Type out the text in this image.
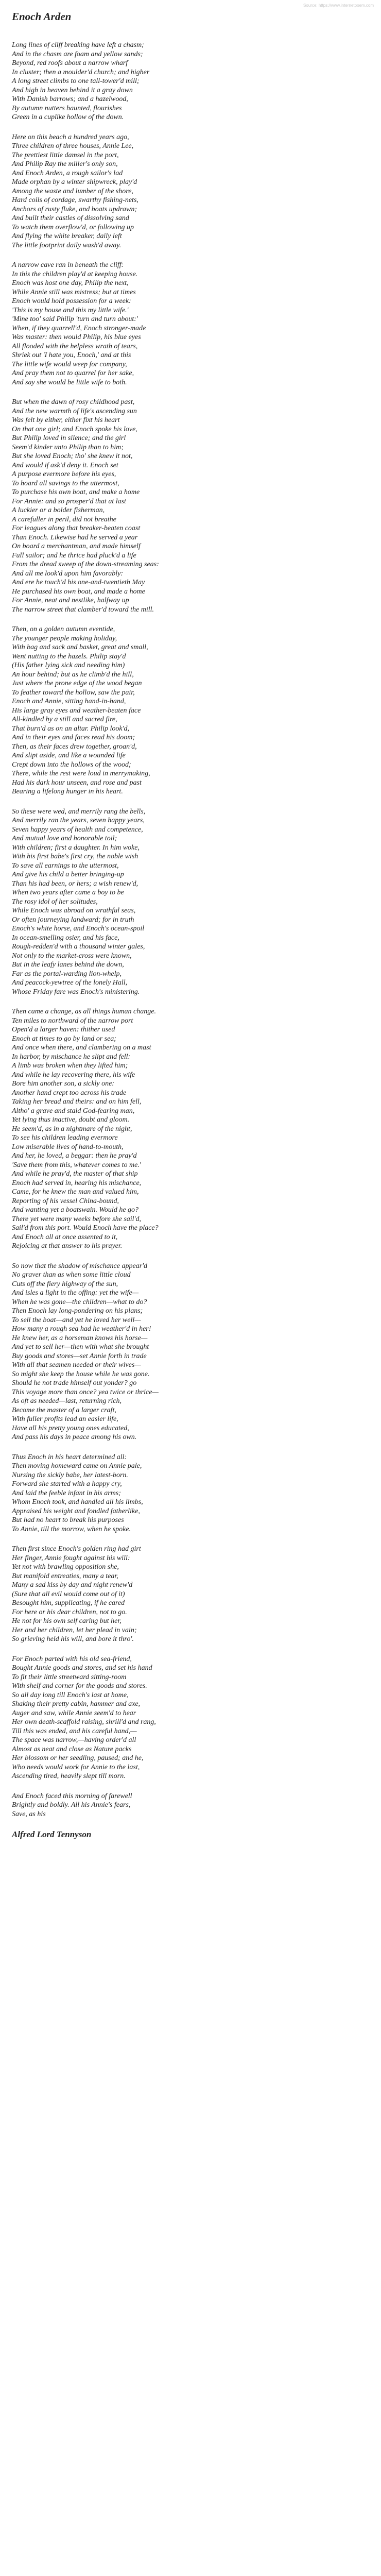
Source: https://www.internetpoem.com
Enoch Arden
Long lines of cliff breaking have left a chasm;
And in the chasm are foam and yellow sands;
Beyond, red roofs about a narrow wharf
In cluster; then a moulder'd church; and higher
A long street climbs to one tall-tower'd mill;
And high in heaven behind it a gray down
With Danish barrows; and a hazelwood,
By autumn nutters haunted, flourishes
Green in a cuplike hollow of the down.
Here on this beach a hundred years ago,
Three children of three houses, Annie Lee,
The prettiest little damsel in the port,
And Philip Ray the miller's only son,
And Enoch Arden, a rough sailor's lad
Made orphan by a winter shipwreck, play'd
Among the waste and lumber of the shore,
Hard coils of cordage, swarthy fishing-nets,
Anchors of rusty fluke, and boats updrawn;
And built their castles of dissolving sand
To watch them overflow'd, or following up
And flying the white breaker, daily left
The little footprint daily wash'd away.
A narrow cave ran in beneath the cliff:
In this the children play'd at keeping house.
Enoch was host one day, Philip the next,
While Annie still was mistress; but at times
Enoch would hold possession for a week:
'This is my house and this my little wife.'
'Mine too' said Philip 'turn and turn about:'
When, if they quarrell'd, Enoch stronger-made
Was master: then would Philip, his blue eyes
All flooded with the helpless wrath of tears,
Shriek out 'I hate you, Enoch,' and at this
The little wife would weep for company,
And pray them not to quarrel for her sake,
And say she would be little wife to both.
But when the dawn of rosy childhood past,
And the new warmth of life's ascending sun
Was felt by either, either fixt his heart
On that one girl; and Enoch spoke his love,
But Philip loved in silence; and the girl
Seem'd kinder unto Philip than to him;
But she loved Enoch; tho' she knew it not,
And would if ask'd deny it. Enoch set
A purpose evermore before his eyes,
To hoard all savings to the uttermost,
To purchase his own boat, and make a home
For Annie: and so prosper'd that at last
A luckier or a bolder fisherman,
A carefuller in peril, did not breathe
For leagues along that breaker-beaten coast
Than Enoch. Likewise had he served a year
On board a merchantman, and made himself
Full sailor; and he thrice had pluck'd a life
From the dread sweep of the down-streaming seas:
And all me look'd upon him favorably:
And ere he touch'd his one-and-twentieth May
He purchased his own boat, and made a home
For Annie, neat and nestlike, halfway up
The narrow street that clamber'd toward the mill.
Then, on a golden autumn eventide,
The younger people making holiday,
With bag and sack and basket, great and small,
Went nutting to the hazels. Philip stay'd
(His father lying sick and needing him)
An hour behind; but as he climb'd the hill,
Just where the prone edge of the wood began
To feather toward the hollow, saw the pair,
Enoch and Annie, sitting hand-in-hand,
His large gray eyes and weather-beaten face
All-kindled by a still and sacred fire,
That burn'd as on an altar. Philip look'd,
And in their eyes and faces read his doom;
Then, as their faces drew together, groan'd,
And slipt aside, and like a wounded life
Crept down into the hollows of the wood;
There, while the rest were loud in merrymaking,
Had his dark hour unseen, and rose and past
Bearing a lifelong hunger in his heart.
So these were wed, and merrily rang the bells,
And merrily ran the years, seven happy years,
Seven happy years of health and competence,
And mutual love and honorable toil;
With children; first a daughter. In him woke,
With his first babe's first cry, the noble wish
To save all earnings to the uttermost,
And give his child a better bringing-up
Than his had been, or hers; a wish renew'd,
When two years after came a boy to be
The rosy idol of her solitudes,
While Enoch was abroad on wrathful seas,
Or often journeying landward; for in truth
Enoch's white horse, and Enoch's ocean-spoil
In ocean-smelling osier, and his face,
Rough-redden'd with a thousand winter gales,
Not only to the market-cross were known,
But in the leafy lanes behind the down,
Far as the portal-warding lion-whelp,
And peacock-yewtree of the lonely Hall,
Whose Friday fare was Enoch's ministering.
Then came a change, as all things human change.
Ten miles to northward of the narrow port
Open'd a larger haven: thither used
Enoch at times to go by land or sea;
And once when there, and clambering on a mast
In harbor, by mischance he slipt and fell:
A limb was broken when they lifted him;
And while he lay recovering there, his wife
Bore him another son, a sickly one:
Another hand crept too across his trade
Taking her bread and theirs: and on him fell,
Altho' a grave and staid God-fearing man,
Yet lying thus inactive, doubt and gloom.
He seem'd, as in a nightmare of the night,
To see his children leading evermore
Low miserable lives of hand-to-mouth,
And her, he loved, a beggar: then he pray'd
'Save them from this, whatever comes to me.'
And while he pray'd, the master of that ship
Enoch had served in, hearing his mischance,
Came, for he knew the man and valued him,
Reporting of his vessel China-bound,
And wanting yet a boatswain. Would he go?
There yet were many weeks before she sail'd,
Sail'd from this port. Would Enoch have the place?
And Enoch all at once assented to it,
Rejoicing at that answer to his prayer.
So now that the shadow of mischance appear'd
No graver than as when some little cloud
Cuts off the fiery highway of the sun,
And isles a light in the offing: yet the wife—
When he was gone—the children—what to do?
Then Enoch lay long-pondering on his plans;
To sell the boat—and yet he loved her well—
How many a rough sea had he weather'd in her!
He knew her, as a horseman knows his horse—
And yet to sell her—then with what she brought
Buy goods and stores—set Annie forth in trade
With all that seamen needed or their wives—
So might she keep the house while he was gone.
Should he not trade himself out yonder? go
This voyage more than once? yea twice or thrice—
As oft as needed—last, returning rich,
Become the master of a larger craft,
With fuller profits lead an easier life,
Have all his pretty young ones educated,
And pass his days in peace among his own.
Thus Enoch in his heart determined all:
Then moving homeward came on Annie pale,
Nursing the sickly babe, her latest-born.
Forward she started with a happy cry,
And laid the feeble infant in his arms;
Whom Enoch took, and handled all his limbs,
Appraised his weight and fondled fatherlike,
But had no heart to break his purposes
To Annie, till the morrow, when he spoke.
Then first since Enoch's golden ring had girt
Her finger, Annie fought against his will:
Yet not with brawling opposition she,
But manifold entreaties, many a tear,
Many a sad kiss by day and night renew'd
(Sure that all evil would come out of it)
Besought him, supplicating, if he cared
For here or his dear children, not to go.
He not for his own self caring but her,
Her and her children, let her plead in vain;
So grieving held his will, and bore it thro'.
For Enoch parted with his old sea-friend,
Bought Annie goods and stores, and set his hand
To fit their little streetward sitting-room
With shelf and corner for the goods and stores.
So all day long till Enoch's last at home,
Shaking their pretty cabin, hammer and axe,
Auger and saw, while Annie seem'd to hear
Her own death-scaffold raising, shrill'd and rang,
Till this was ended, and his careful hand,—
The space was narrow,—having order'd all
Almost as neat and close as Nature packs
Her blossom or her seedling, paused; and he,
Who needs would work for Annie to the last,
Ascending tired, heavily slept till morn.
And Enoch faced this morning of farewell
Brightly and boldly. All his Annie's fears,
Save, as his
Alfred Lord Tennyson
